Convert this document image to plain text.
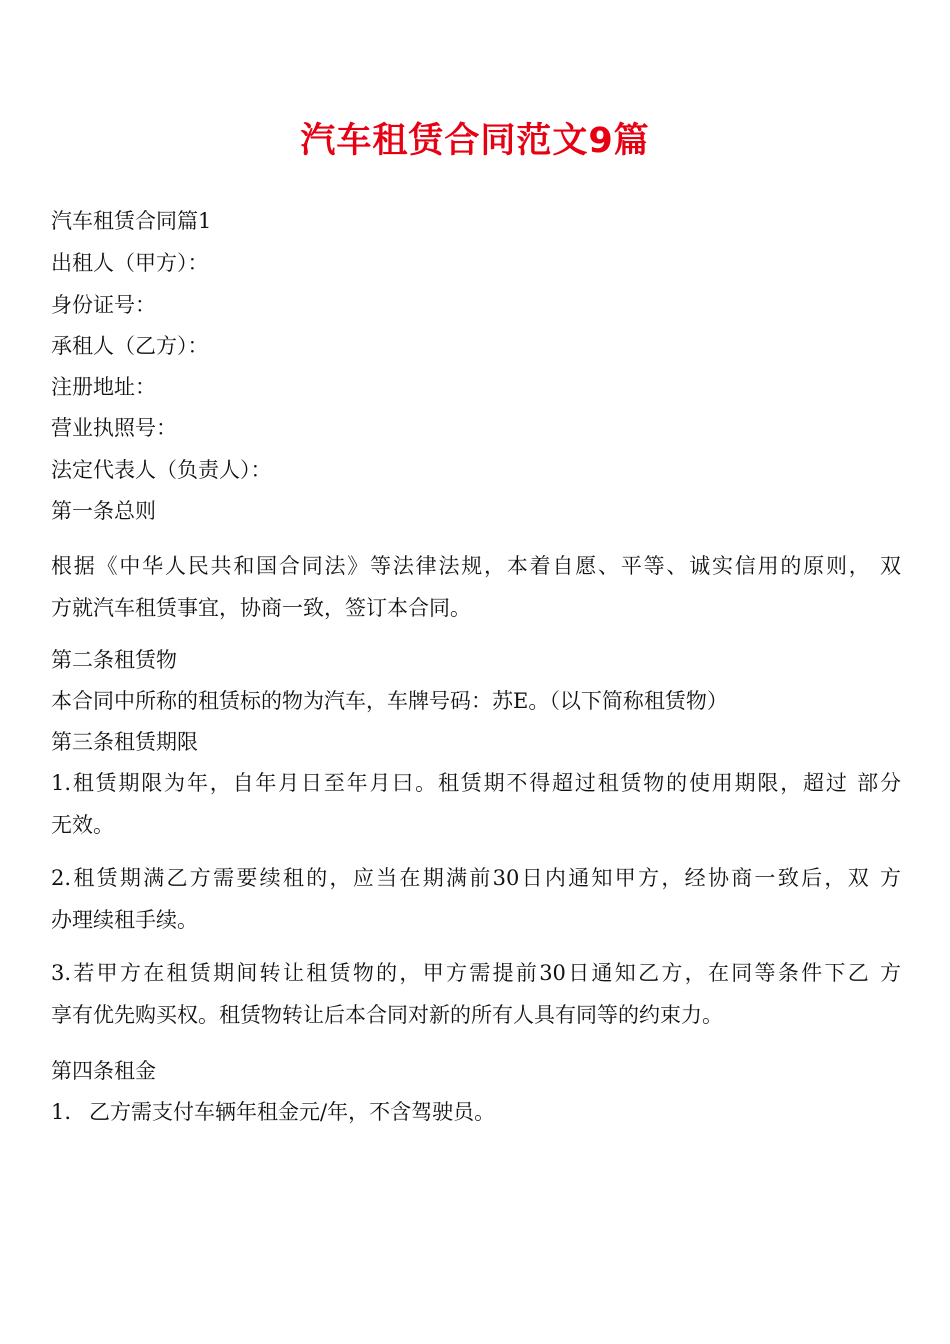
汽车租赁合同范文9篇
汽车租赁合同篇1
出租人（甲方）：
身份证号：
承租人（乙方）：
注册地址：
营业执照号：
法定代表人（负责人）：
第一条总则
根据《中华人民共和国合同法》等法律法规，本着自愿、平等、诚实信用的原则， 双
方就汽车租赁事宜，协商一致，签订本合同。
第二条租赁物
本合同中所称的租赁标的物为汽车，车牌号码：苏E。（以下简称租赁物）
第三条租赁期限
1.租赁期限为年，自年月日至年月曰。租赁期不得超过租赁物的使用期限，超过 部分
无效。
2.租赁期满乙方需要续租的，应当在期满前30日内通知甲方，经协商一致后，双 方
办理续租手续。
3.若甲方在租赁期间转让租赁物的，甲方需提前30日通知乙方，在同等条件下乙 方
享有优先购买权。租赁物转让后本合同对新的所有人具有同等的约束力。
第四条租金
1. 乙方需支付车辆年租金元/年，不含驾驶员。
